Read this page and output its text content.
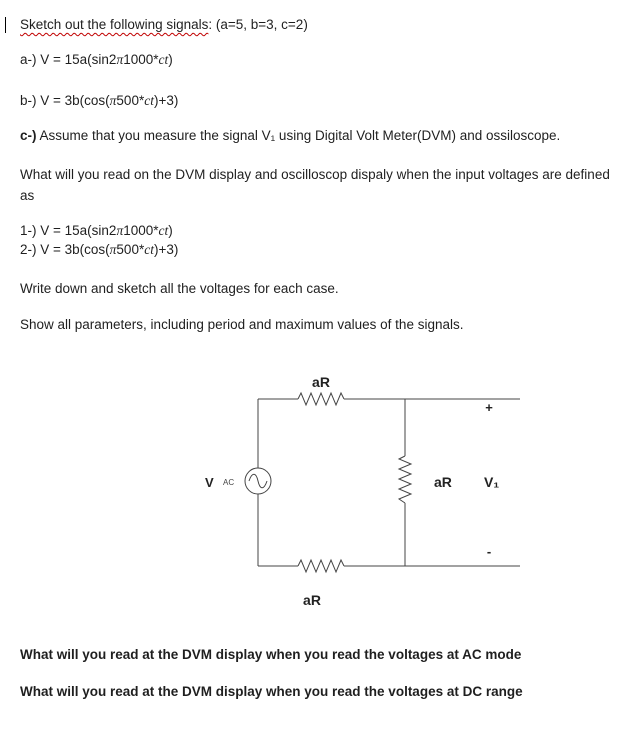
Sketch out the following signals: (a=5, b=3, c=2)
a-) V = 15a(sin2π1000*ct)
b-) V = 3b(cos(π500*ct)+3)
c-) Assume that you measure the signal V₁ using Digital Volt Meter(DVM) and ossiloscope.
What will you read on the DVM display and oscilloscop dispaly when the input voltages are defined as
1-) V = 15a(sin2π1000*ct)
2-) V = 3b(cos(π500*ct)+3)
Write down and sketch all the voltages for each case.
Show all parameters, including period and maximum values of the signals.
aR
aR
aR
V AC	V₁
+
-
What will you read at the DVM display when you read the voltages at AC mode
What will you read at the DVM display when you read the voltages at DC range
